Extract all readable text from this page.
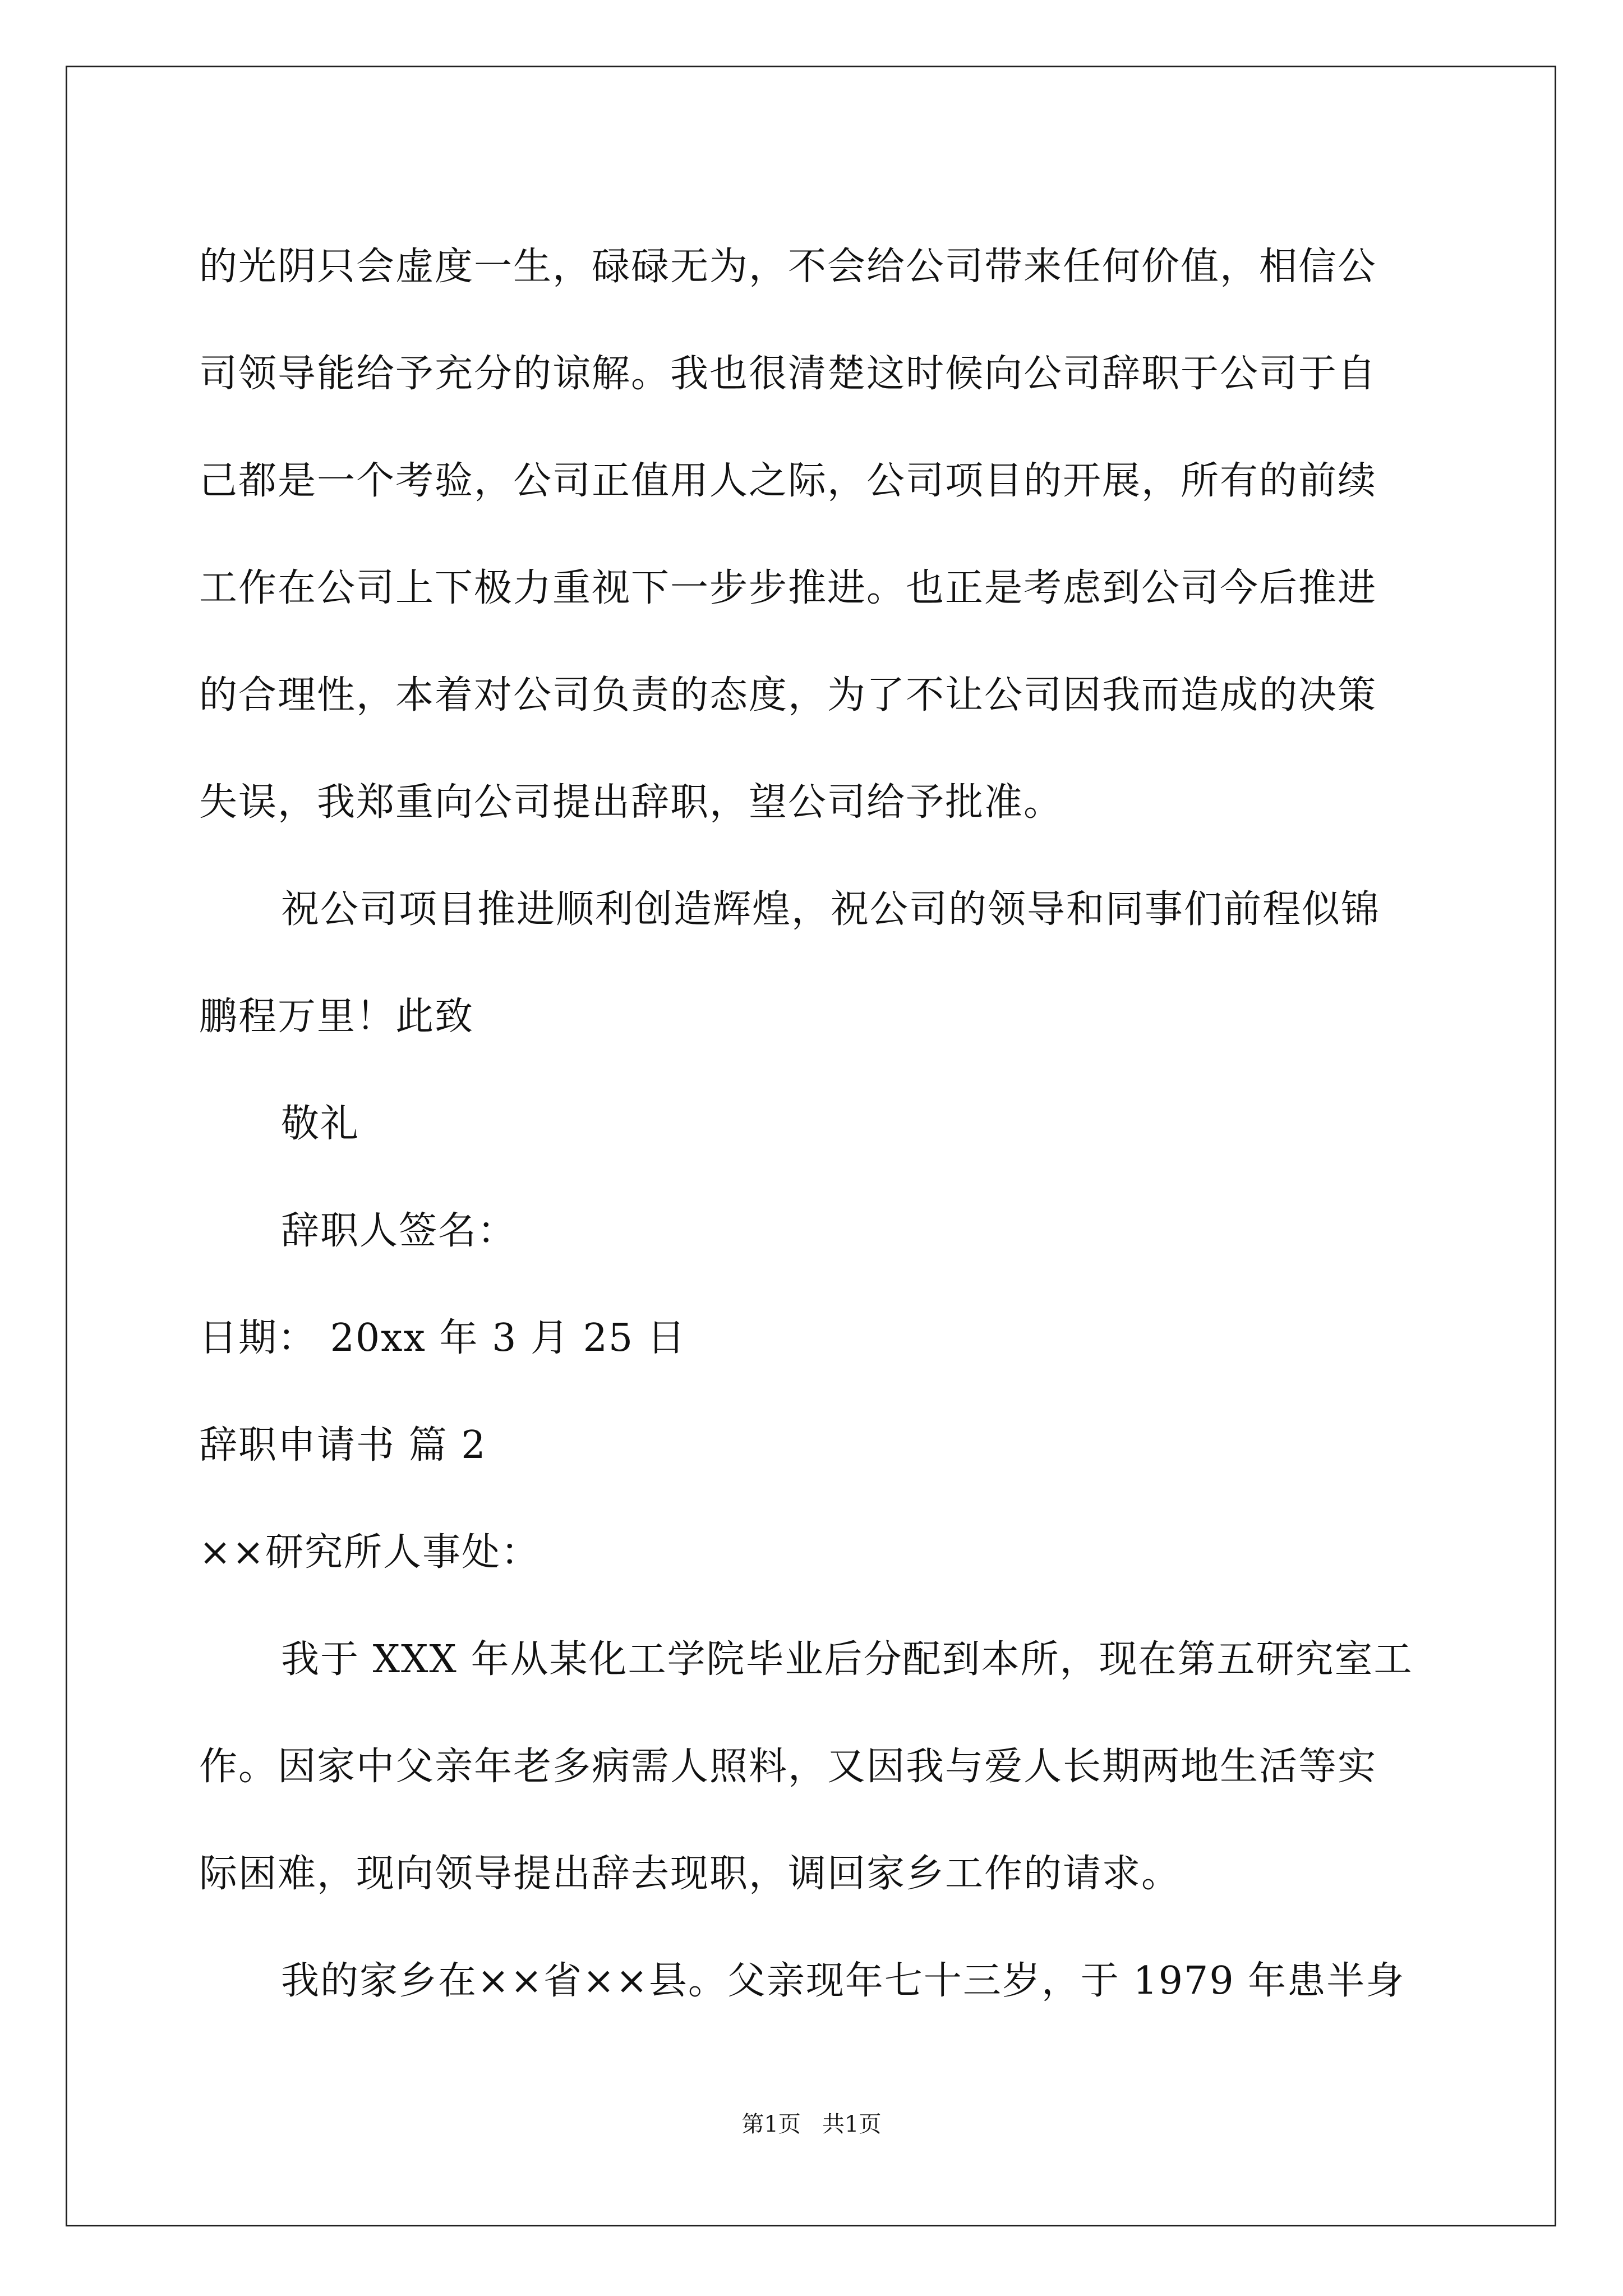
的光阴只会虚度一生，碌碌无为，不会给公司带来任何价值，相信公
司领导能给予充分的谅解。我也很清楚这时候向公司辞职于公司于自
己都是一个考验，公司正值用人之际，公司项目的开展，所有的前续
工作在公司上下极力重视下一步步推进。也正是考虑到公司今后推进
的合理性，本着对公司负责的态度，为了不让公司因我而造成的决策
失误，我郑重向公司提出辞职，望公司给予批准。
祝公司项目推进顺利创造辉煌，祝公司的领导和同事们前程似锦
鹏程万里！此致
敬礼
辞职人签名：
日期： 20xx 年 3 月 25 日
辞职申请书 篇 2
××研究所人事处：
我于 XXX 年从某化工学院毕业后分配到本所，现在第五研究室工
作。因家中父亲年老多病需人照料，又因我与爱人长期两地生活等实
际困难，现向领导提出辞去现职，调回家乡工作的请求。
我的家乡在××省××县。父亲现年七十三岁，于 1979 年患半身
第1页   共1页
